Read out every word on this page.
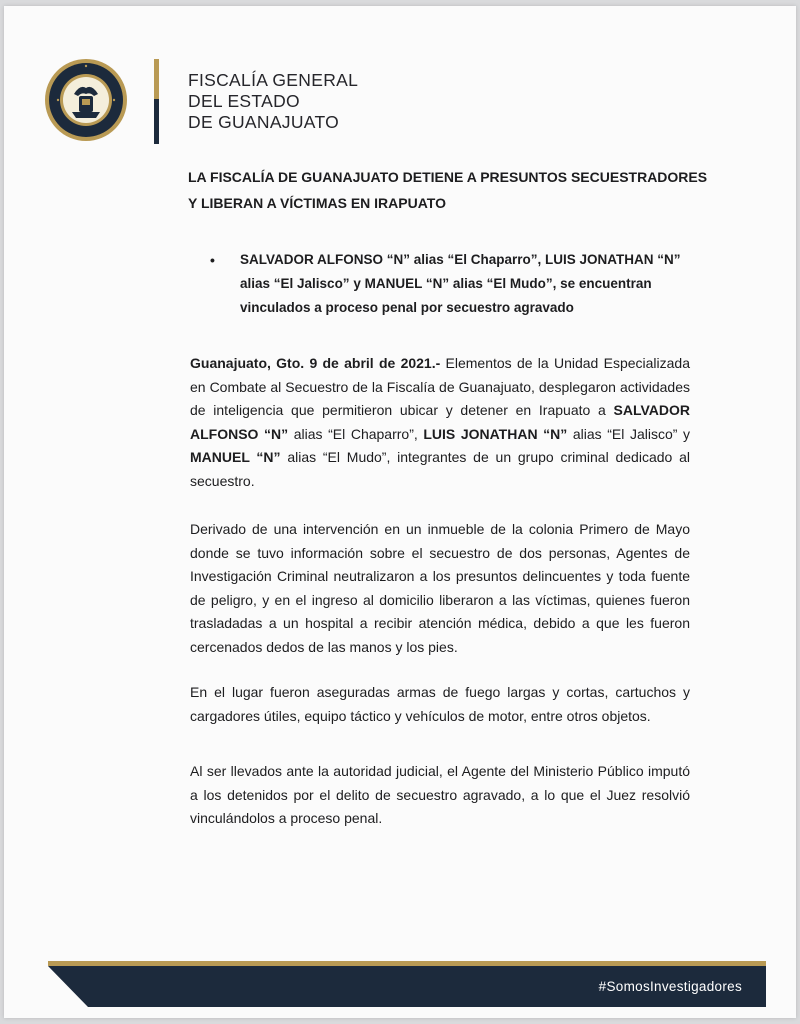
FISCALÍA GENERAL
DEL ESTADO
DE GUANAJUATO
LA FISCALÍA DE GUANAJUATO DETIENE A PRESUNTOS SECUESTRADORES Y LIBERAN A VÍCTIMAS EN IRAPUATO
•	SALVADOR ALFONSO “N” alias “El Chaparro”, LUIS JONATHAN “N” alias “El Jalisco” y MANUEL “N” alias “El Mudo”, se encuentran vinculados a proceso penal por secuestro agravado
Guanajuato, Gto. 9 de abril de 2021.- Elementos de la Unidad Especializada en Combate al Secuestro de la Fiscalía de Guanajuato, desplegaron actividades de inteligencia que permitieron ubicar y detener en Irapuato a SALVADOR ALFONSO “N” alias “El Chaparro”, LUIS JONATHAN “N” alias “El Jalisco” y MANUEL “N” alias “El Mudo”, integrantes de un grupo criminal dedicado al secuestro.
Derivado de una intervención en un inmueble de la colonia Primero de Mayo donde se tuvo información sobre el secuestro de dos personas, Agentes de Investigación Criminal neutralizaron a los presuntos delincuentes y toda fuente de peligro, y en el ingreso al domicilio liberaron a las víctimas, quienes fueron trasladadas a un hospital a recibir atención médica, debido a que les fueron cercenados dedos de las manos y los pies.
En el lugar fueron aseguradas armas de fuego largas y cortas, cartuchos y cargadores útiles, equipo táctico y vehículos de motor, entre otros objetos.
Al ser llevados ante la autoridad judicial, el Agente del Ministerio Público imputó a los detenidos por el delito de secuestro agravado, a lo que el Juez resolvió vinculándolos a proceso penal.
#SomosInvestigadores
